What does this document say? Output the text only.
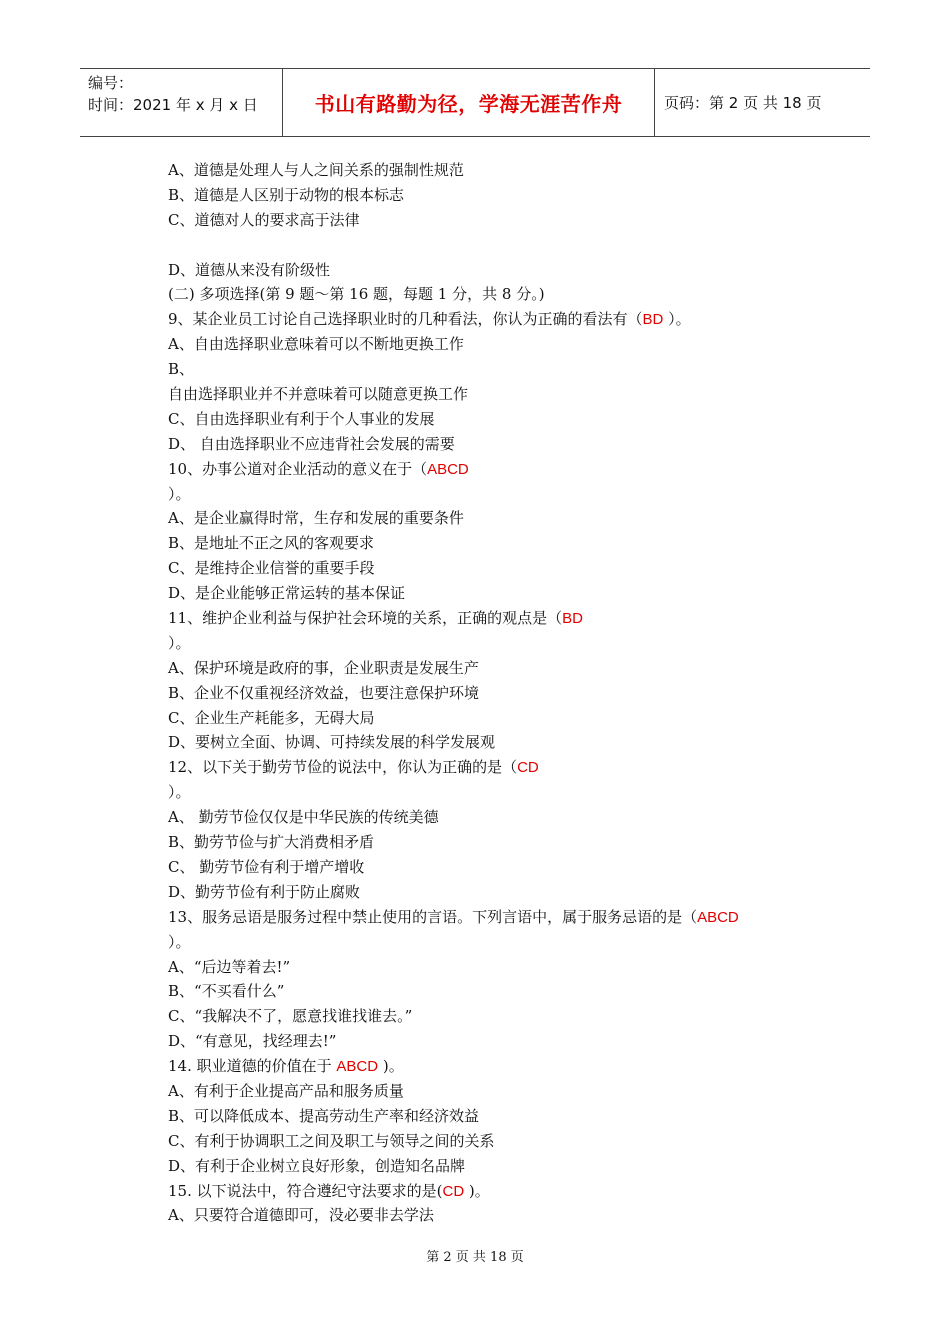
编号：
时间：2021 年 x 月 x 日	书山有路勤为径，学海无涯苦作舟	页码：第 2 页 共 18 页
A、道德是处理人与人之间关系的强制性规范
B、道德是人区别于动物的根本标志
C、道德对人的要求高于法律
D、道德从来没有阶级性
(二) 多项选择(第 9 题～第 16 题，每题 1 分，共 8 分。)
9、某企业员工讨论自己选择职业时的几种看法，你认为正确的看法有（BD ）。
A、自由选择职业意味着可以不断地更换工作
B、
自由选择职业并不并意味着可以随意更换工作
C、自由选择职业有利于个人事业的发展
D、 自由选择职业不应违背社会发展的需要
10、办事公道对企业活动的意义在于（ABCD
）。
A、是企业赢得时常，生存和发展的重要条件
B、是地址不正之风的客观要求
C、是维持企业信誉的重要手段
D、是企业能够正常运转的基本保证
11、维护企业利益与保护社会环境的关系，正确的观点是（BD
）。
A、保护环境是政府的事，企业职责是发展生产
B、企业不仅重视经济效益，也要注意保护环境
C、企业生产耗能多，无碍大局
D、要树立全面、协调、可持续发展的科学发展观
12、以下关于勤劳节俭的说法中，你认为正确的是（CD
）。
A、 勤劳节俭仅仅是中华民族的传统美德
B、勤劳节俭与扩大消费相矛盾
C、 勤劳节俭有利于增产增收
D、勤劳节俭有利于防止腐败
13、服务忌语是服务过程中禁止使用的言语。下列言语中，属于服务忌语的是（ABCD
）。
A、“后边等着去!”
B、“不买看什么”
C、“我解决不了，愿意找谁找谁去。”
D、“有意见，找经理去!”
14. 职业道德的价值在于 ABCD )。
A、有利于企业提高产品和服务质量
B、可以降低成本、提高劳动生产率和经济效益
C、有利于协调职工之间及职工与领导之间的关系
D、有利于企业树立良好形象，创造知名品牌
15. 以下说法中，符合遵纪守法要求的是(CD )。
A、只要符合道德即可，没必要非去学法
第 2 页 共 18 页
